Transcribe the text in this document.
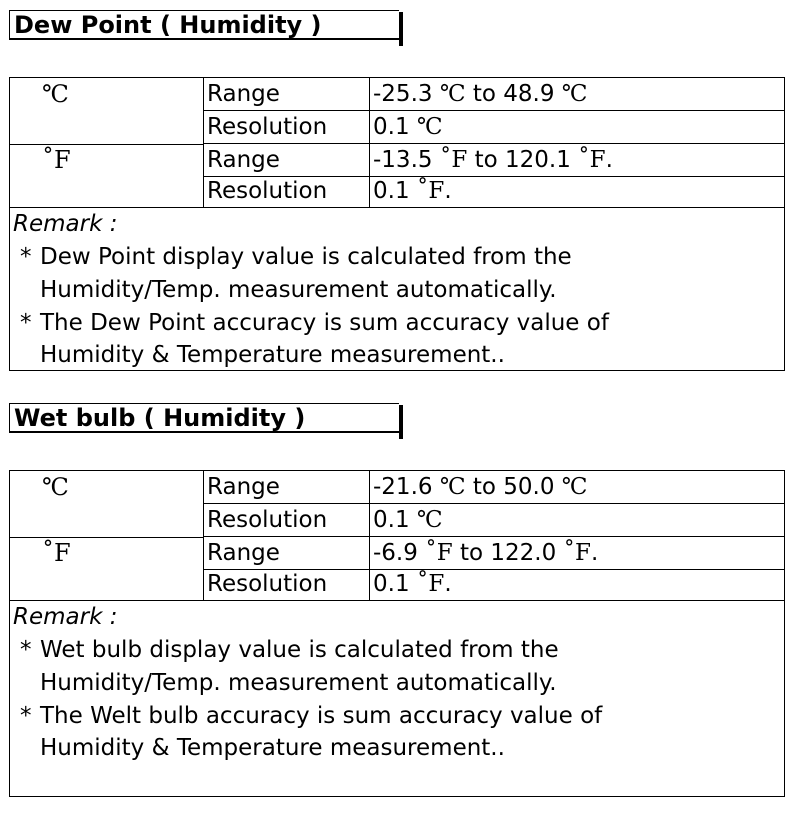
Dew Point ( Humidity )
℃	Range	-25.3 ℃ to 48.9 ℃
Resolution 0.1 ℃
˚F	Range	-13.5 ˚F to 120.1 ˚F.
Resolution 0.1 ˚F.
Remark :
* Dew Point display value is calculated from the
Humidity/Temp. measurement automatically.
* The Dew Point accuracy is sum accuracy value of
Humidity & Temperature measurement..
Wet bulb ( Humidity )
℃	Range	-21.6 ℃ to 50.0 ℃
Resolution 0.1 ℃
˚F	Range	-6.9 ˚F to 122.0 ˚F.
Resolution 0.1 ˚F.
Remark :
* Wet bulb display value is calculated from the
Humidity/Temp. measurement automatically.
* The Welt bulb accuracy is sum accuracy value of
Humidity & Temperature measurement..
